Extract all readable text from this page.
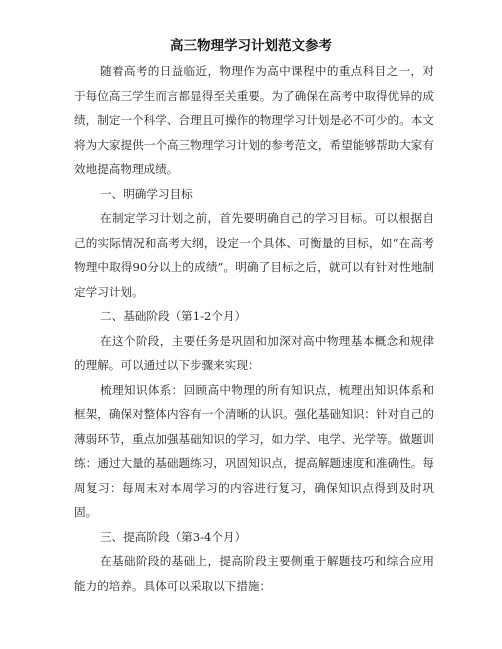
高三物理学习计划范文参考

随着高考的日益临近，物理作为高中课程中的重点科目之一，对于每位高三学生而言都显得至关重要。为了确保在高考中取得优异的成绩，制定一个科学、合理且可操作的物理学习计划是必不可少的。本文将为大家提供一个高三物理学习计划的参考范文，希望能够帮助大家有效地提高物理成绩。

一、明确学习目标

在制定学习计划之前，首先要明确自己的学习目标。可以根据自己的实际情况和高考大纲，设定一个具体、可衡量的目标，如“在高考物理中取得90分以上的成绩”。明确了目标之后，就可以有针对性地制定学习计划。

二、基础阶段（第1-2个月）

在这个阶段，主要任务是巩固和加深对高中物理基本概念和规律的理解。可以通过以下步骤来实现：

梳理知识体系：回顾高中物理的所有知识点，梳理出知识体系和框架，确保对整体内容有一个清晰的认识。强化基础知识：针对自己的薄弱环节，重点加强基础知识的学习，如力学、电学、光学等。做题训练：通过大量的基础题练习，巩固知识点，提高解题速度和准确性。每周复习：每周末对本周学习的内容进行复习，确保知识点得到及时巩固。

三、提高阶段（第3-4个月）

在基础阶段的基础上，提高阶段主要侧重于解题技巧和综合应用能力的培养。具体可以采取以下措施：
